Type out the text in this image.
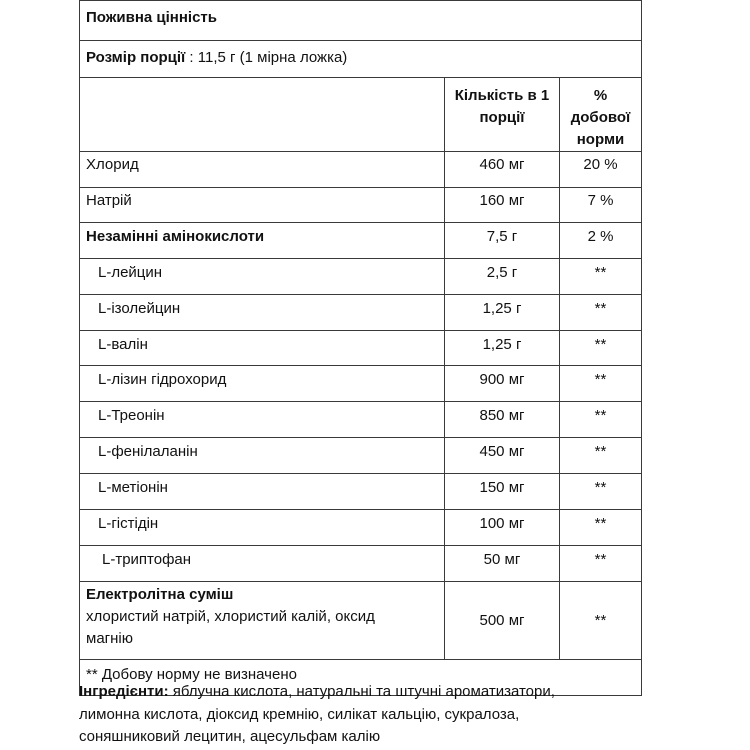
Поживна цінність		
Розмір порції : 11,5 г (1 мірна ложка)		
	Кількість в 1 порції	% добової норми
Хлорид	460 мг	20 %
Натрій	160 мг	7 %
Незамінні амінокислоти	7,5 г	2 %
L-лейцин	2,5 г	**
L-ізолейцин	1,25 г	**
L-валін	1,25 г	**
L-лізин гідрохорид	900 мг	**
L-Треонін	850 мг	**
L-фенілаланін	450 мг	**
L-метіонін	150 мг	**
L-гістідін	100 мг	**
L-триптофан	50 мг	**
Електролітна суміш
хлористий натрій, хлористий калій, оксид
магнію	500 мг	**
** Добову норму не визначено		
Інгредієнти: яблучна кислота, натуральні та штучні ароматизатори,
лимонна кислота, діоксид кремнію, силікат кальцію, сукралоза,
соняшниковий лецитин, ацесульфам калію
